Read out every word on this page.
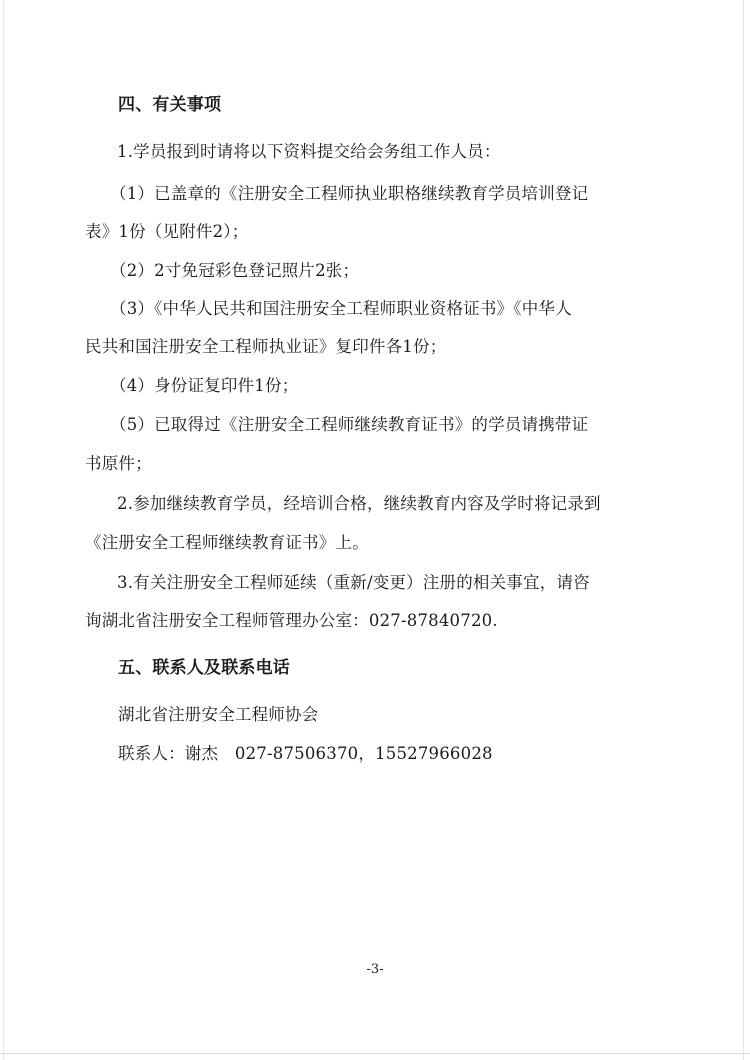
四、有关事项
1.学员报到时请将以下资料提交给会务组工作人员：
（1）已盖章的《注册安全工程师执业职格继续教育学员培训登记
表》1份（见附件2）；
（2）2寸免冠彩色登记照片2张；
（3）《中华人民共和国注册安全工程师职业资格证书》《中华人
民共和国注册安全工程师执业证》复印件各1份；
（4）身份证复印件1份；
（5）已取得过《注册安全工程师继续教育证书》的学员请携带证
书原件；
2.参加继续教育学员，经培训合格，继续教育内容及学时将记录到
《注册安全工程师继续教育证书》上。
3.有关注册安全工程师延续（重新/变更）注册的相关事宜，请咨
询湖北省注册安全工程师管理办公室：027-87840720.
五、联系人及联系电话
湖北省注册安全工程师协会
联系人：谢杰　027-87506370，15527966028
-3-
